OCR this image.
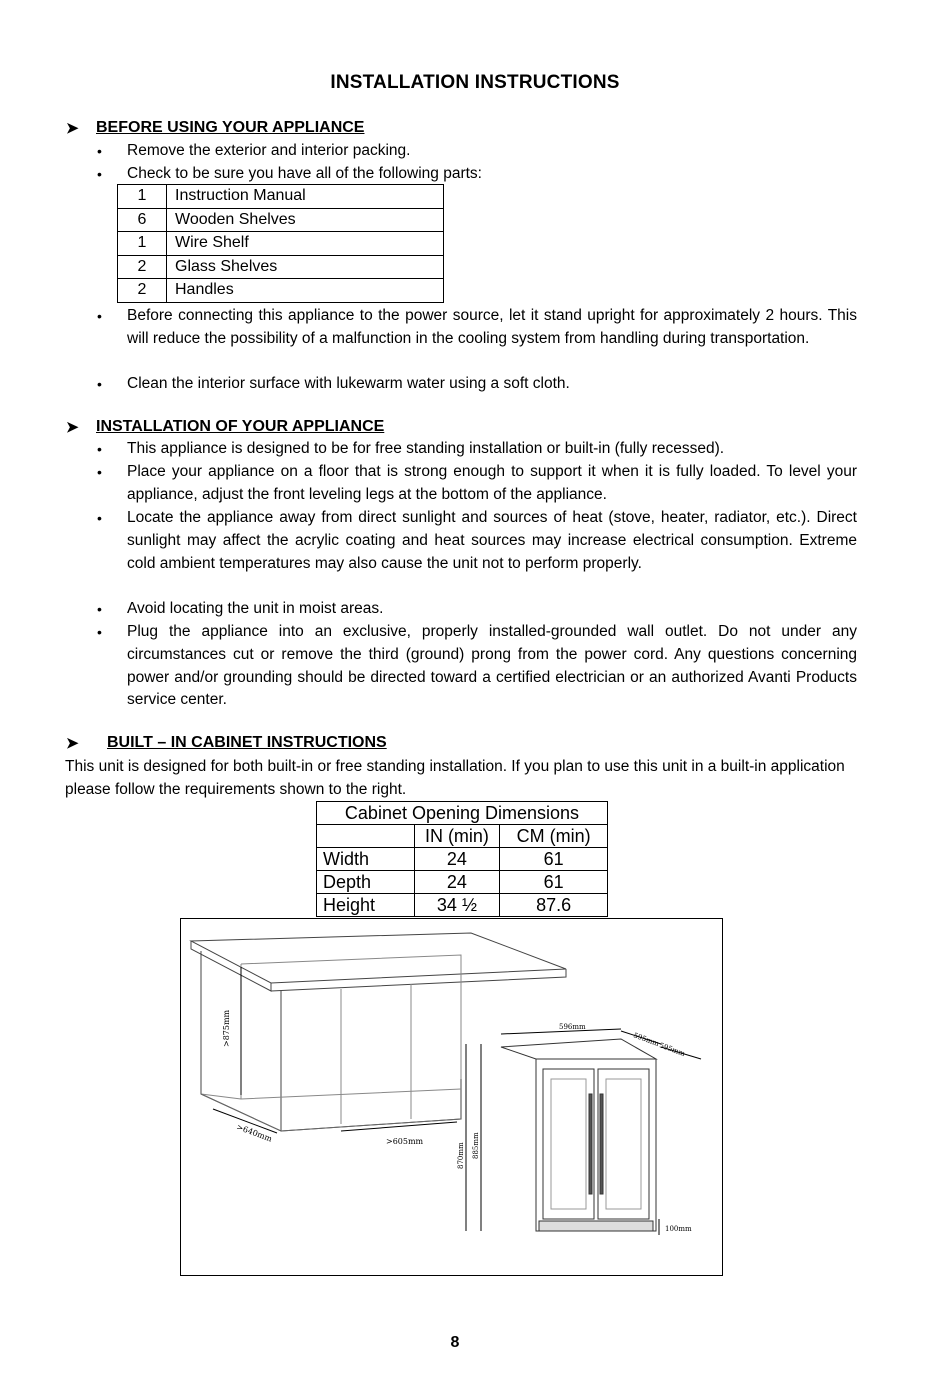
INSTALLATION INSTRUCTIONS
➤ BEFORE USING YOUR APPLIANCE
• Remove the exterior and interior packing.
• Check to be sure you have all of the following parts:
1	Instruction Manual
6	Wooden Shelves
1	Wire Shelf
2	Glass Shelves
2	Handles
• Before connecting this appliance to the power source, let it stand upright for approximately 2 hours. This will reduce the possibility of a malfunction in the cooling system from handling during transportation.
• Clean the interior surface with lukewarm water using a soft cloth.
➤ INSTALLATION OF YOUR APPLIANCE
• This appliance is designed to be for free standing installation or built-in (fully recessed).
• Place your appliance on a floor that is strong enough to support it when it is fully loaded. To level your appliance, adjust the front leveling legs at the bottom of the appliance.
• Locate the appliance away from direct sunlight and sources of heat (stove, heater, radiator, etc.). Direct sunlight may affect the acrylic coating and heat sources may increase electrical consumption. Extreme cold ambient temperatures may also cause the unit not to perform properly.
• Avoid locating the unit in moist areas.
• Plug the appliance into an exclusive, properly installed-grounded wall outlet. Do not under any circumstances cut or remove the third (ground) prong from the power cord. Any questions concerning power and/or grounding should be directed toward a certified electrician or an authorized Avanti Products service center.
➤ BUILT – IN CABINET INSTRUCTIONS
This unit is designed for both built-in or free standing installation. If you plan to use this unit in a built-in application please follow the requirements shown to the right.
Cabinet Opening Dimensions		
	IN (min)	CM (min)
Width	24	61
Depth	24	61
Height	34 ½	87.6
>875mm
>640mm	>605mm
596mm
595mm
595mm
870mm 885mm
100mm
8
